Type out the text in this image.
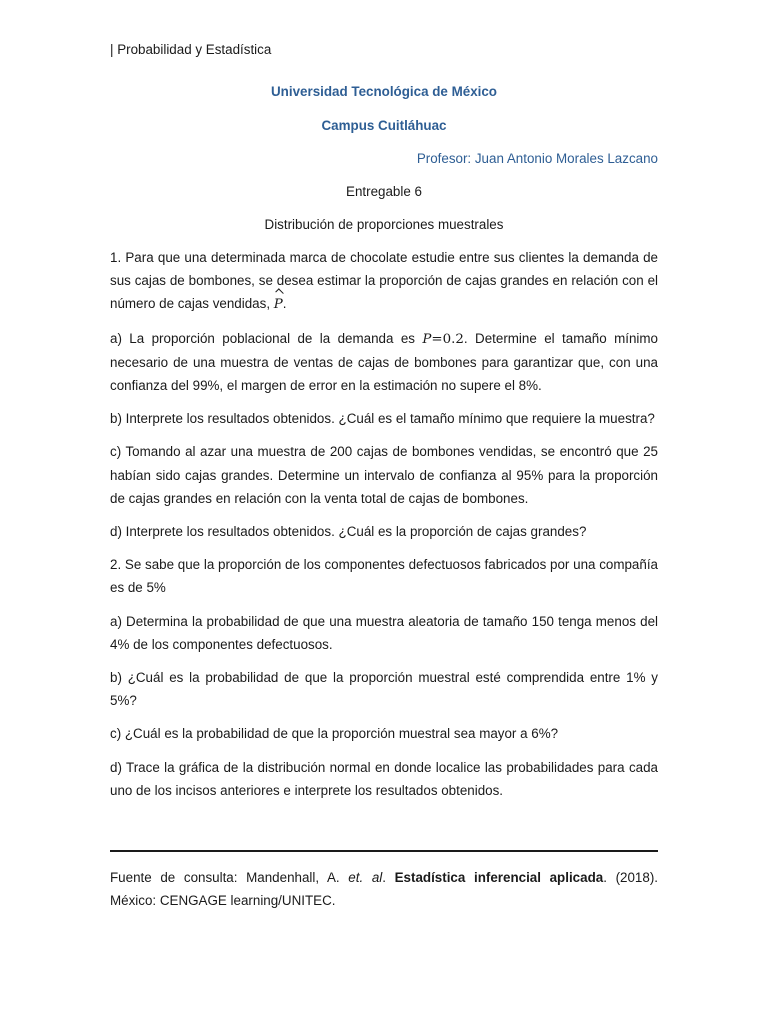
| Probabilidad y Estadística
Universidad Tecnológica de México
Campus Cuitláhuac
Profesor: Juan Antonio Morales Lazcano
Entregable 6
Distribución de proporciones muestrales

1. Para que una determinada marca de chocolate estudie entre sus clientes la demanda de sus cajas de bombones, se desea estimar la proporción de cajas grandes en relación con el número de cajas vendidas, P.

a) La proporción poblacional de la demanda es P=0.2. Determine el tamaño mínimo necesario de una muestra de ventas de cajas de bombones para garantizar que, con una confianza del 99%, el margen de error en la estimación no supere el 8%.

b) Interprete los resultados obtenidos. ¿Cuál es el tamaño mínimo que requiere la muestra?

c) Tomando al azar una muestra de 200 cajas de bombones vendidas, se encontró que 25 habían sido cajas grandes. Determine un intervalo de confianza al 95% para la proporción de cajas grandes en relación con la venta total de cajas de bombones.

d) Interprete los resultados obtenidos. ¿Cuál es la proporción de cajas grandes?

2. Se sabe que la proporción de los componentes defectuosos fabricados por una compañía es de 5%

a) Determina la probabilidad de que una muestra aleatoria de tamaño 150 tenga menos del 4% de los componentes defectuosos.

b) ¿Cuál es la probabilidad de que la proporción muestral esté comprendida entre 1% y 5%?

c) ¿Cuál es la probabilidad de que la proporción muestral sea mayor a 6%?

d) Trace la gráfica de la distribución normal en donde localice las probabilidades para cada uno de los incisos anteriores e interprete los resultados obtenidos.

Fuente de consulta: Mandenhall, A. et. al. Estadística inferencial aplicada. (2018). México: CENGAGE learning/UNITEC.
